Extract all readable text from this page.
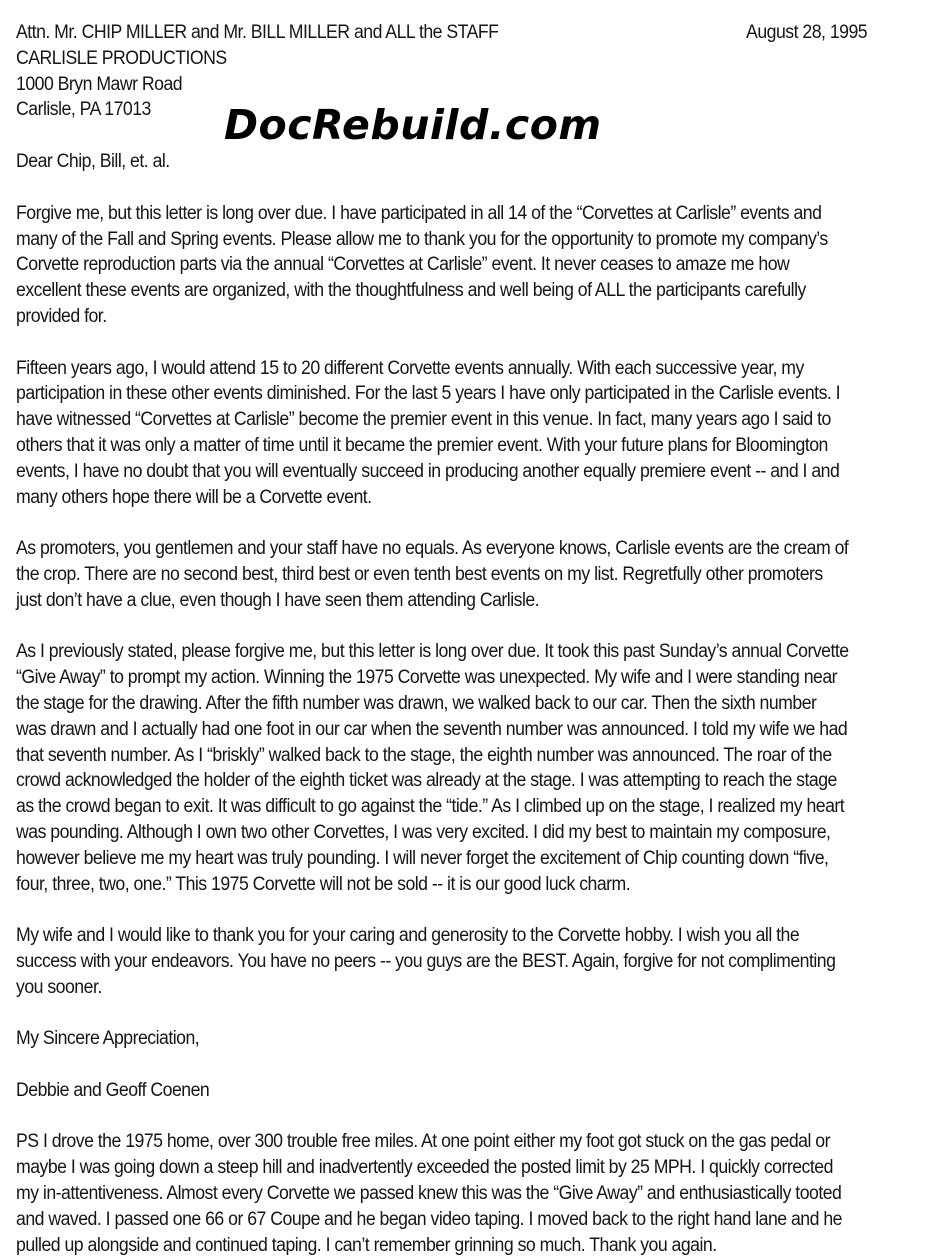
DocRebuild.com
August 28, 1995
Attn. Mr. CHIP MILLER and Mr. BILL MILLER and ALL the STAFF
CARLISLE PRODUCTIONS
1000 Bryn Mawr Road
Carlisle, PA 17013

Dear Chip, Bill, et. al.

Forgive me, but this letter is long over due. I have participated in all 14 of the “Corvettes at Carlisle” events and
many of the Fall and Spring events. Please allow me to thank you for the opportunity to promote my company’s
Corvette reproduction parts via the annual “Corvettes at Carlisle” event. It never ceases to amaze me how
excellent these events are organized, with the thoughtfulness and well being of ALL the participants carefully
provided for.

Fifteen years ago, I would attend 15 to 20 different Corvette events annually. With each successive year, my
participation in these other events diminished. For the last 5 years I have only participated in the Carlisle events. I
have witnessed “Corvettes at Carlisle” become the premier event in this venue. In fact, many years ago I said to
others that it was only a matter of time until it became the premier event. With your future plans for Bloomington
events, I have no doubt that you will eventually succeed in producing another equally premiere event -- and I and
many others hope there will be a Corvette event.

As promoters, you gentlemen and your staff have no equals. As everyone knows, Carlisle events are the cream of
the crop. There are no second best, third best or even tenth best events on my list. Regretfully other promoters
just don’t have a clue, even though I have seen them attending Carlisle.

As I previously stated, please forgive me, but this letter is long over due. It took this past Sunday’s annual Corvette
“Give Away” to prompt my action. Winning the 1975 Corvette was unexpected. My wife and I were standing near
the stage for the drawing. After the fifth number was drawn, we walked back to our car. Then the sixth number
was drawn and I actually had one foot in our car when the seventh number was announced. I told my wife we had
that seventh number. As I “briskly” walked back to the stage, the eighth number was announced. The roar of the
crowd acknowledged the holder of the eighth ticket was already at the stage. I was attempting to reach the stage
as the crowd began to exit. It was difficult to go against the “tide.” As I climbed up on the stage, I realized my heart
was pounding. Although I own two other Corvettes, I was very excited. I did my best to maintain my composure,
however believe me my heart was truly pounding. I will never forget the excitement of Chip counting down “five,
four, three, two, one.” This 1975 Corvette will not be sold -- it is our good luck charm.

My wife and I would like to thank you for your caring and generosity to the Corvette hobby. I wish you all the
success with your endeavors. You have no peers -- you guys are the BEST. Again, forgive for not complimenting
you sooner.

My Sincere Appreciation,

Debbie and Geoff Coenen

PS I drove the 1975 home, over 300 trouble free miles. At one point either my foot got stuck on the gas pedal or
maybe I was going down a steep hill and inadvertently exceeded the posted limit by 25 MPH. I quickly corrected
my in-attentiveness. Almost every Corvette we passed knew this was the “Give Away” and enthusiastically tooted
and waved. I passed one 66 or 67 Coupe and he began video taping. I moved back to the right hand lane and he
pulled up alongside and continued taping. I can’t remember grinning so much. Thank you again.
